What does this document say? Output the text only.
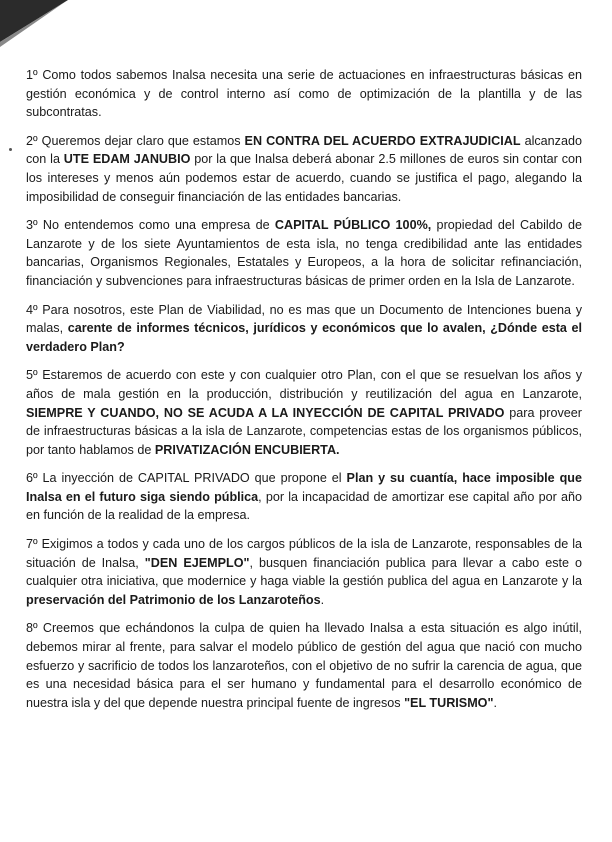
1º Como todos sabemos Inalsa necesita una serie de actuaciones en infraestructuras básicas en gestión económica y de control interno así como de optimización de la plantilla y de las subcontratas.

2º Queremos dejar claro que estamos EN CONTRA DEL ACUERDO EXTRAJUDICIAL alcanzado con la UTE EDAM JANUBIO por la que Inalsa deberá abonar 2.5 millones de euros sin contar con los intereses y menos aún podemos estar de acuerdo, cuando se justifica el pago, alegando la imposibilidad de conseguir financiación de las entidades bancarias.

3º No entendemos como una empresa de CAPITAL PÚBLICO 100%, propiedad del Cabildo de Lanzarote y de los siete Ayuntamientos de esta isla, no tenga credibilidad ante las entidades bancarias, Organismos Regionales, Estatales y Europeos, a la hora de solicitar refinanciación, financiación y subvenciones para infraestructuras básicas de primer orden en la Isla de Lanzarote.

4º Para nosotros, este Plan de Viabilidad, no es mas que un Documento de Intenciones buena y malas, carente de informes técnicos, jurídicos y económicos que lo avalen, ¿Dónde esta el verdadero Plan?

5º Estaremos de acuerdo con este y con cualquier otro Plan, con el que se resuelvan los años y años de mala gestión en la producción, distribución y reutilización del agua en Lanzarote, SIEMPRE Y CUANDO, NO SE ACUDA A LA INYECCIÓN DE CAPITAL PRIVADO para proveer de infraestructuras básicas a la isla de Lanzarote, competencias estas de los organismos públicos, por tanto hablamos de PRIVATIZACIÓN ENCUBIERTA.

6º La inyección de CAPITAL PRIVADO que propone el Plan y su cuantía, hace imposible que Inalsa en el futuro siga siendo pública, por la incapacidad de amortizar ese capital año por año en función de la realidad de la empresa.

7º Exigimos a todos y cada uno de los cargos públicos de la isla de Lanzarote, responsables de la situación de Inalsa, "DEN EJEMPLO", busquen financiación publica para llevar a cabo este o cualquier otra iniciativa, que modernice y haga viable la gestión publica del agua en Lanzarote y la preservación del Patrimonio de los Lanzaroteños.

8º Creemos que echándonos la culpa de quien ha llevado Inalsa a esta situación es algo inútil, debemos mirar al frente, para salvar el modelo público de gestión del agua que nació con mucho esfuerzo y sacrificio de todos los lanzaroteños, con el objetivo de no sufrir la carencia de agua, que es una necesidad básica para el ser humano y fundamental para el desarrollo económico de nuestra isla y del que depende nuestra principal fuente de ingresos "EL TURISMO".
